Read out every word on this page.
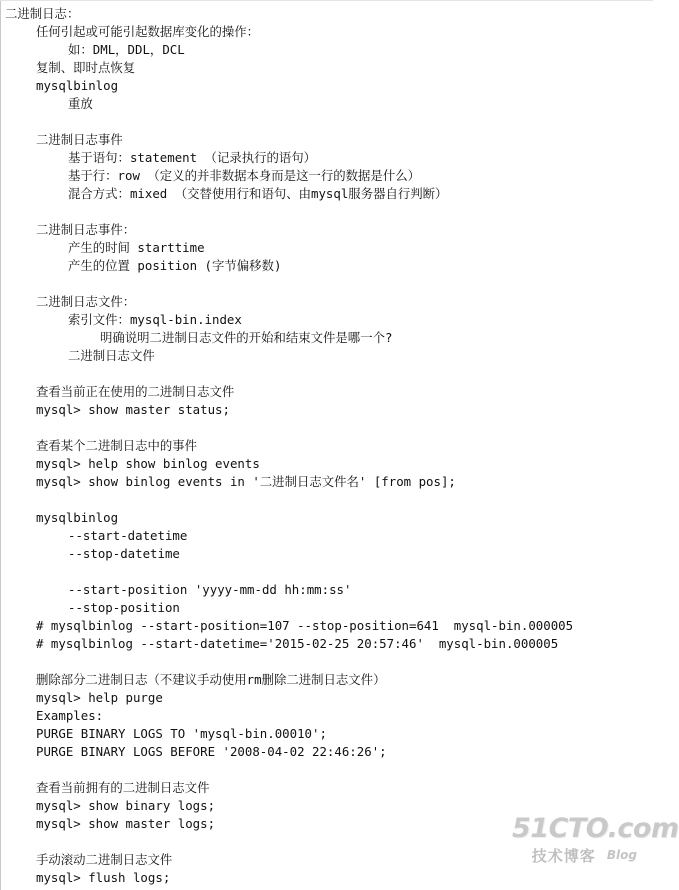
二进制日志：
任何引起或可能引起数据库变化的操作：
如：DML，DDL，DCL
复制、即时点恢复
mysqlbinlog
重放
二进制日志事件
基于语句：statement （记录执行的语句）
基于行：row （定义的并非数据本身而是这一行的数据是什么）
混合方式：mixed （交替使用行和语句、由mysql服务器自行判断）
二进制日志事件：
产生的时间 starttime
产生的位置 position (字节偏移数)
二进制日志文件：
索引文件：mysql-bin.index
明确说明二进制日志文件的开始和结束文件是哪一个?
二进制日志文件
查看当前正在使用的二进制日志文件
mysql> show master status;
查看某个二进制日志中的事件
mysql> help show binlog events
mysql> show binlog events in '二进制日志文件名' [from pos];
mysqlbinlog
--start-datetime
--stop-datetime
--start-position 'yyyy-mm-dd hh:mm:ss'
--stop-position
# mysqlbinlog --start-position=107 --stop-position=641  mysql-bin.000005
# mysqlbinlog --start-datetime='2015-02-25 20:57:46'  mysql-bin.000005
删除部分二进制日志（不建议手动使用rm删除二进制日志文件）
mysql> help purge
Examples:
PURGE BINARY LOGS TO 'mysql-bin.00010';
PURGE BINARY LOGS BEFORE '2008-04-02 22:46:26';
查看当前拥有的二进制日志文件
mysql> show binary logs;
mysql> show master logs;
手动滚动二进制日志文件
mysql> flush logs;
51CTO.com
技术博客 Blog
